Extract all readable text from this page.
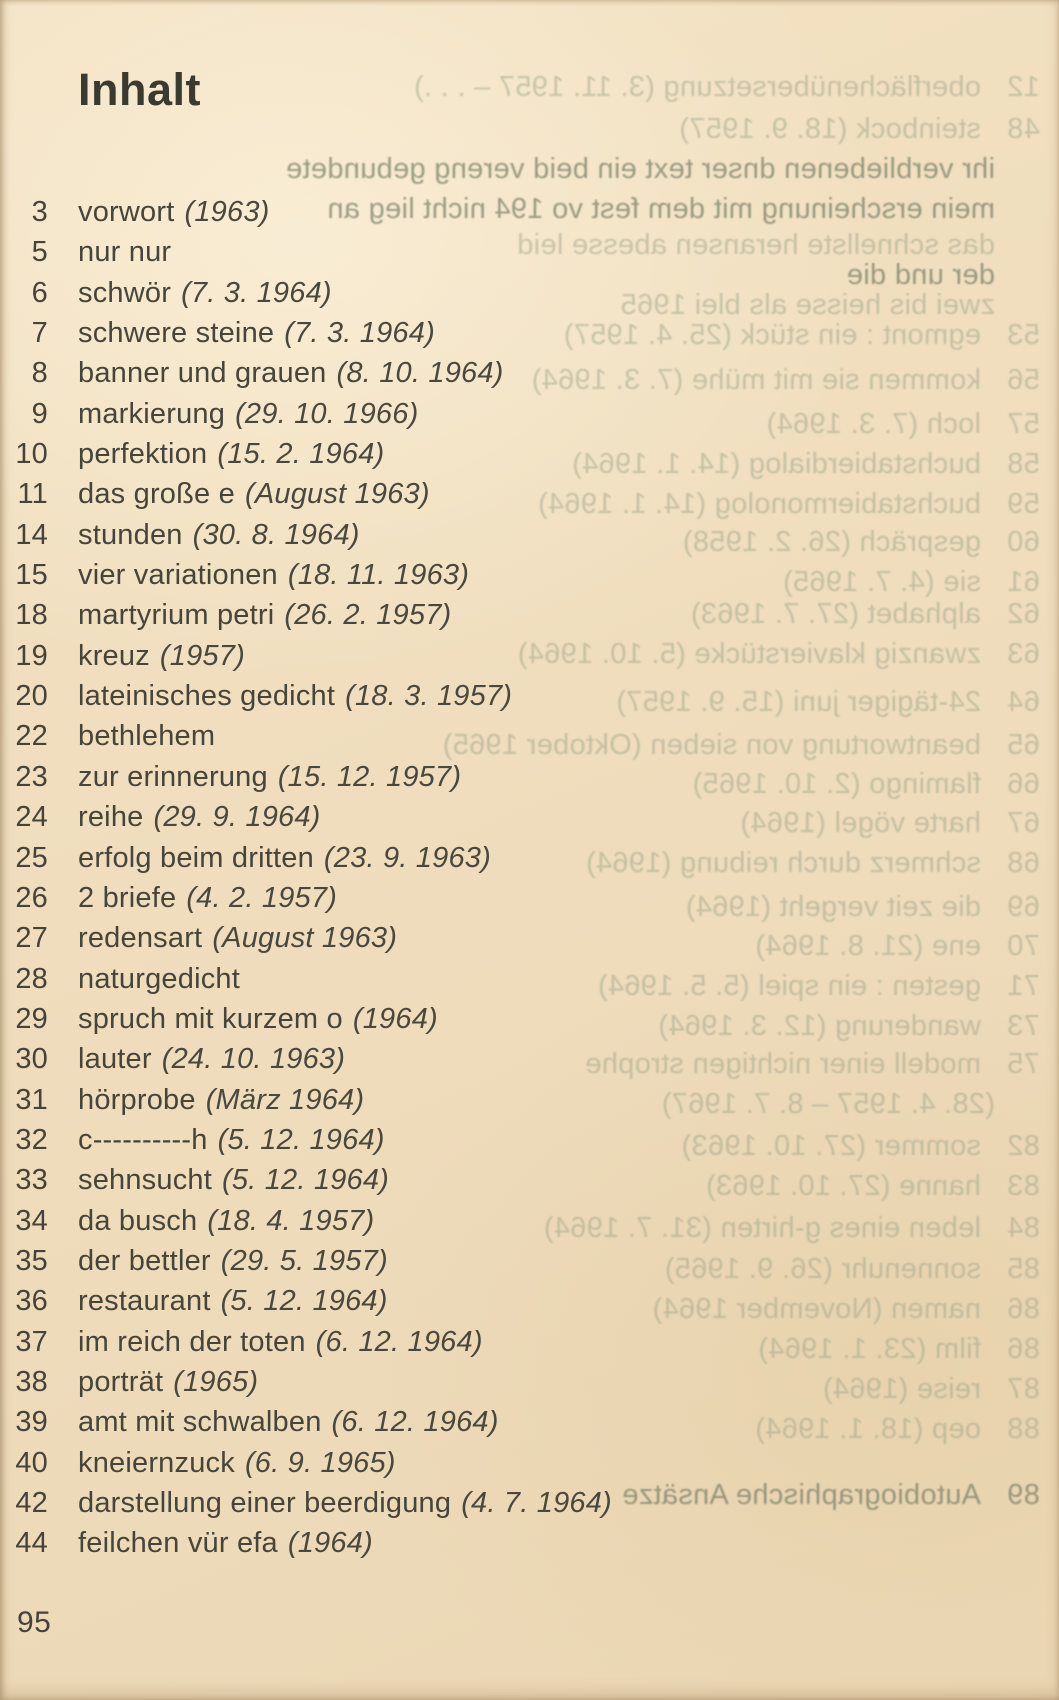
12
oberflächenübersetzung (3. 11. 1957 – . . .)
48
steinbock (18. 9. 1957)
ihr verbliebenen dnser text ein beid vereng gebundete
mein erscheinung mit dem fest vo 194 nicht lieg an
das schnellste heransen abesse leid
der und die
zwei bis heisse als blei 1965
53
egmont : ein stück (25. 4. 1957)
56
kommen sie mit mühe (7. 3. 1964)
57
loch (7. 3. 1964)
58
buchstabierdialog (14. 1. 1964)
59
buchstabiermonolog (14. 1. 1964)
60
gespräch (26. 2. 1958)
61
sie (4. 7. 1965)
62
alphabet (27. 7. 1963)
63
zwanzig klavierstücke (5. 10. 1964)
64
24-tägiger juni (15. 9. 1957)
65
beantwortung von sieben (Oktober 1965)
66
flamingo (2. 10. 1965)
67
harte vögel (1964)
68
schmerz durch reibung (1964)
69
die zeit vergeht (1964)
70
ene (21. 8. 1964)
71
gesten : ein spiel (5. 5. 1964)
73
wanderung (12. 3. 1964)
75
modell einer nichtigen strophe
(28. 4. 1957 – 8. 7. 1967)
82
sommer (27. 10. 1963)
83
hanne (27. 10. 1963)
84
leben eines g-hirten (31. 7. 1964)
85
sonnenuhr (26. 9. 1965)
86
namen (November 1964)
86
film (23. 1. 1964)
87
reise (1964)
88
oep (18. 1. 1964)
89
Autobiographische Ansätze
Inhalt
3 vorwort (1963)
5 nur nur
6 schwör (7. 3. 1964)
7 schwere steine (7. 3. 1964)
8 banner und grauen (8. 10. 1964)
9 markierung (29. 10. 1966)
10 perfektion (15. 2. 1964)
11 das große e (August 1963)
14 stunden (30. 8. 1964)
15 vier variationen (18. 11. 1963)
18 martyrium petri (26. 2. 1957)
19 kreuz (1957)
20 lateinisches gedicht (18. 3. 1957)
22 bethlehem
23 zur erinnerung (15. 12. 1957)
24 reihe (29. 9. 1964)
25 erfolg beim dritten (23. 9. 1963)
26 2 briefe (4. 2. 1957)
27 redensart (August 1963)
28 naturgedicht
29 spruch mit kurzem o (1964)
30 lauter (24. 10. 1963)
31 hörprobe (März 1964)
32 c----------h (5. 12. 1964)
33 sehnsucht (5. 12. 1964)
34 da busch (18. 4. 1957)
35 der bettler (29. 5. 1957)
36 restaurant (5. 12. 1964)
37 im reich der toten (6. 12. 1964)
38 porträt (1965)
39 amt mit schwalben (6. 12. 1964)
40 kneiernzuck (6. 9. 1965)
42 darstellung einer beerdigung (4. 7. 1964)
44 feilchen vür efa (1964)
95
